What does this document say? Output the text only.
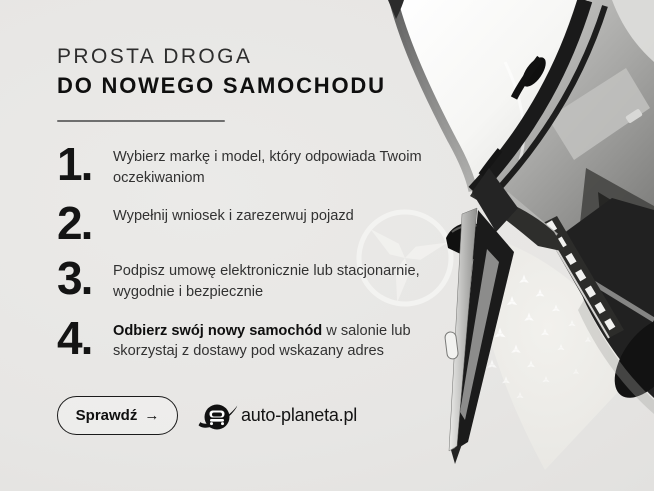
PROSTA DROGA
DO NOWEGO SAMOCHODU
1.	Wybierz markę i model, który odpowiada Twoim oczekiwaniom

2.	Wypełnij wniosek i zarezerwuj pojazd

3.	Podpisz umowę elektronicznie lub stacjonarnie, wygodnie i bezpiecznie

4.	Odbierz swój nowy samochód w salonie lub skorzystaj z dostawy pod wskazany adres

Sprawdź →	auto-planeta.pl
